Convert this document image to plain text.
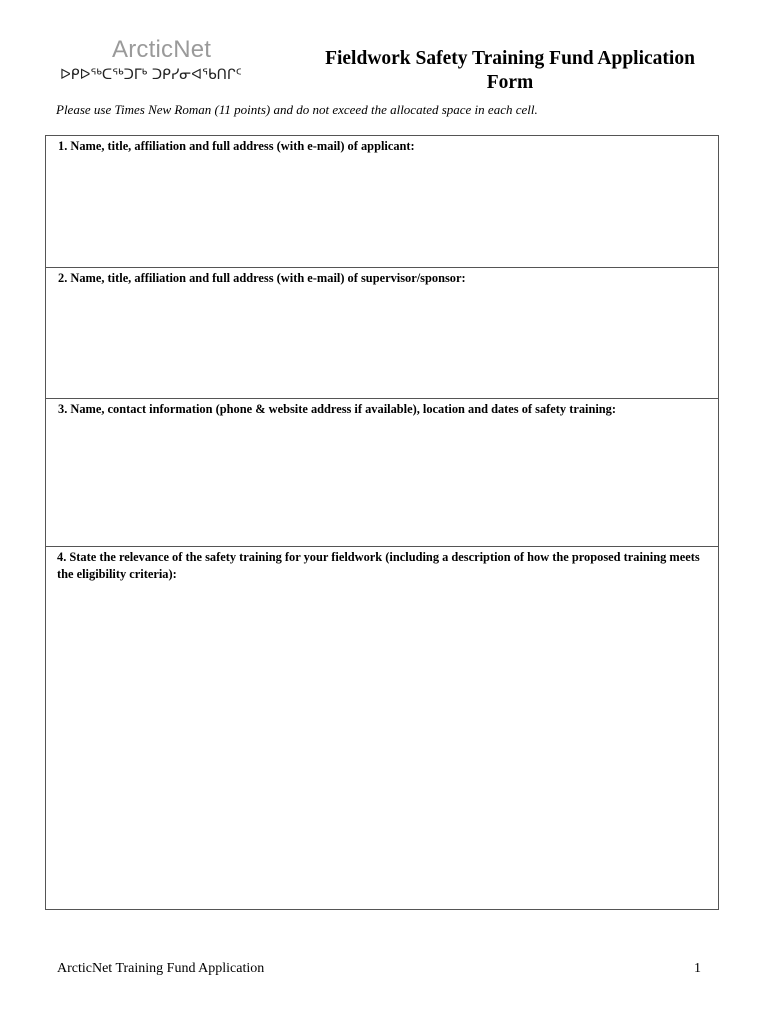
ArcticNet
ᐅᑭᐅᖅᑕᖅᑐᒥᒃ ᑐᑭᓯᓂᐊᖃᑎᒋᑦ
Fieldwork Safety Training Fund Application Form
Please use Times New Roman (11 points) and do not exceed the allocated space in each cell.
1. Name, title, affiliation and full address (with e-mail) of applicant:
2. Name, title, affiliation and full address (with e-mail) of supervisor/sponsor:
3. Name, contact information (phone & website address if available), location and dates of safety training:
4. State the relevance of the safety training for your fieldwork (including a description of how the proposed training meets the eligibility criteria):
ArcticNet Training Fund Application	1
